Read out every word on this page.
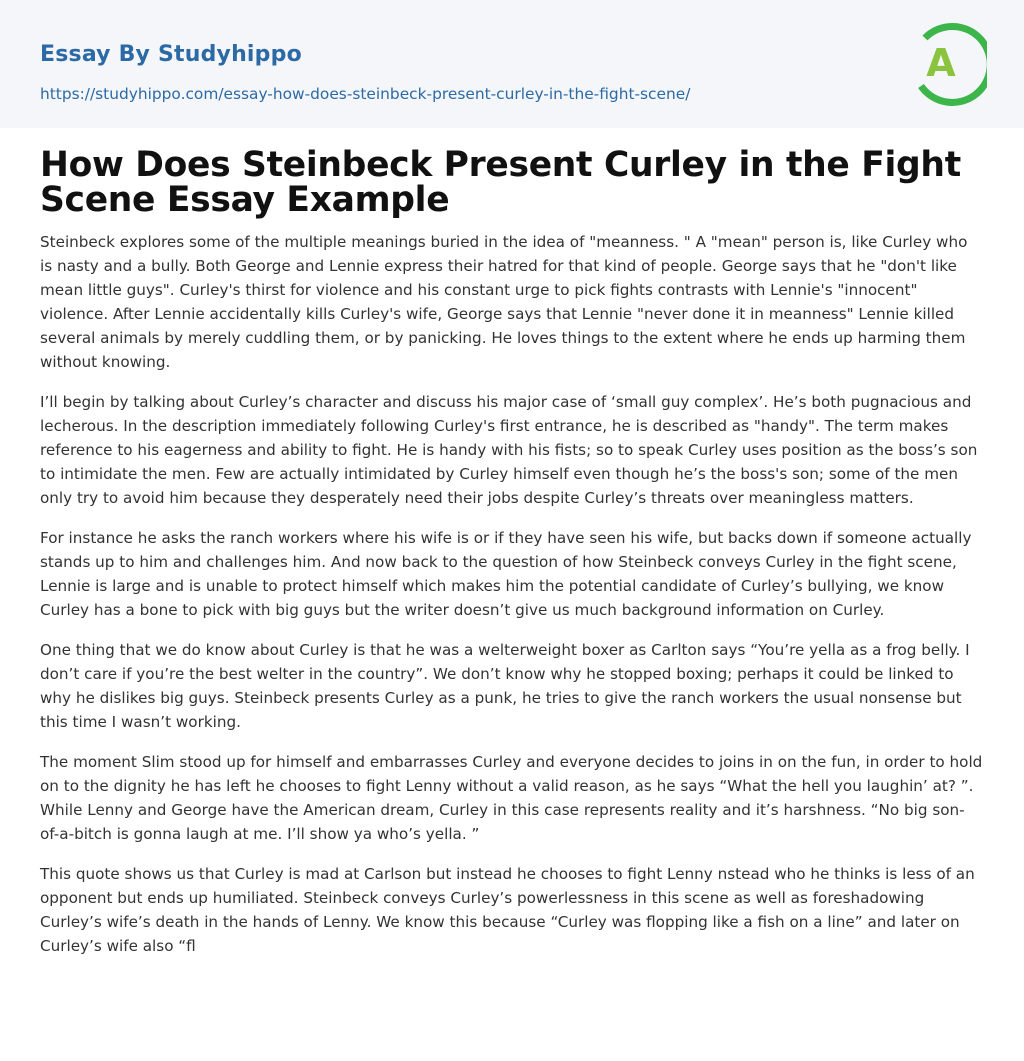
Essay By Studyhippo
https://studyhippo.com/essay-how-does-steinbeck-present-curley-in-the-fight-scene/
A
How Does Steinbeck Present Curley in the Fight Scene Essay Example

Steinbeck explores some of the multiple meanings buried in the idea of "meanness. " A "mean" person is, like Curley who is nasty and a bully. Both George and Lennie express their hatred for that kind of people. George says that he "don't like mean little guys". Curley's thirst for violence and his constant urge to pick fights contrasts with Lennie's "innocent" violence. After Lennie accidentally kills Curley's wife, George says that Lennie "never done it in meanness" Lennie killed several animals by merely cuddling them, or by panicking. He loves things to the extent where he ends up harming them without knowing.

I’ll begin by talking about Curley’s character and discuss his major case of ‘small guy complex’. He’s both pugnacious and lecherous. In the description immediately following Curley's first entrance, he is described as "handy". The term makes reference to his eagerness and ability to fight. He is handy with his fists; so to speak Curley uses position as the boss’s son to intimidate the men. Few are actually intimidated by Curley himself even though he’s the boss's son; some of the men only try to avoid him because they desperately need their jobs despite Curley’s threats over meaningless matters.

For instance he asks the ranch workers where his wife is or if they have seen his wife, but backs down if someone actually stands up to him and challenges him. And now back to the question of how Steinbeck conveys Curley in the fight scene, Lennie is large and is unable to protect himself which makes him the potential candidate of Curley’s bullying, we know Curley has a bone to pick with big guys but the writer doesn’t give us much background information on Curley.

One thing that we do know about Curley is that he was a welterweight boxer as Carlton says “You’re yella as a frog belly. I don’t care if you’re the best welter in the country”. We don’t know why he stopped boxing; perhaps it could be linked to why he dislikes big guys. Steinbeck presents Curley as a punk, he tries to give the ranch workers the usual nonsense but this time I wasn’t working.

The moment Slim stood up for himself and embarrasses Curley and everyone decides to joins in on the fun, in order to hold on to the dignity he has left he chooses to fight Lenny without a valid reason, as he says “What the hell you laughin’ at? ”. While Lenny and George have the American dream, Curley in this case represents reality and it’s harshness. “No big son-of-a-bitch is gonna laugh at me. I’ll show ya who’s yella. ”

This quote shows us that Curley is mad at Carlson but instead he chooses to fight Lenny nstead who he thinks is less of an opponent but ends up humiliated. Steinbeck conveys Curley’s powerlessness in this scene as well as foreshadowing Curley’s wife’s death in the hands of Lenny. We know this because “Curley was flopping like a fish on a line” and later on Curley’s wife also “fl
